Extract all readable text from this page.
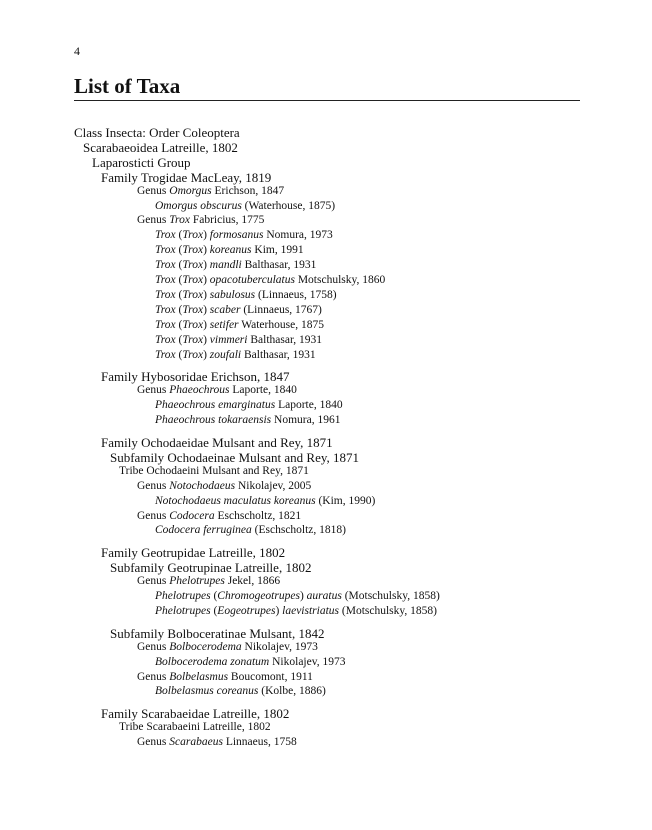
4
List of Taxa
Class Insecta: Order Coleoptera
Scarabaeoidea Latreille, 1802
Laparosticti Group
Family Trogidae MacLeay, 1819
Genus Omorgus Erichson, 1847
Omorgus obscurus (Waterhouse, 1875)
Genus Trox Fabricius, 1775
Trox (Trox) formosanus Nomura, 1973
Trox (Trox) koreanus Kim, 1991
Trox (Trox) mandli Balthasar, 1931
Trox (Trox) opacotuberculatus Motschulsky, 1860
Trox (Trox) sabulosus (Linnaeus, 1758)
Trox (Trox) scaber (Linnaeus, 1767)
Trox (Trox) setifer Waterhouse, 1875
Trox (Trox) vimmeri Balthasar, 1931
Trox (Trox) zoufali Balthasar, 1931
Family Hybosoridae Erichson, 1847
Genus Phaeochrous Laporte, 1840
Phaeochrous emarginatus Laporte, 1840
Phaeochrous tokaraensis Nomura, 1961
Family Ochodaeidae Mulsant and Rey, 1871
Subfamily Ochodaeinae Mulsant and Rey, 1871
Tribe Ochodaeini Mulsant and Rey, 1871
Genus Notochodaeus Nikolajev, 2005
Notochodaeus maculatus koreanus (Kim, 1990)
Genus Codocera Eschscholtz, 1821
Codocera ferruginea (Eschscholtz, 1818)
Family Geotrupidae Latreille, 1802
Subfamily Geotrupinae Latreille, 1802
Genus Phelotrupes Jekel, 1866
Phelotrupes (Chromogeotrupes) auratus (Motschulsky, 1858)
Phelotrupes (Eogeotrupes) laevistriatus (Motschulsky, 1858)
Subfamily Bolboceratinae Mulsant, 1842
Genus Bolbocerodema Nikolajev, 1973
Bolbocerodema zonatum Nikolajev, 1973
Genus Bolbelasmus Boucomont, 1911
Bolbelasmus coreanus (Kolbe, 1886)
Family Scarabaeidae Latreille, 1802
Tribe Scarabaeini Latreille, 1802
Genus Scarabaeus Linnaeus, 1758
